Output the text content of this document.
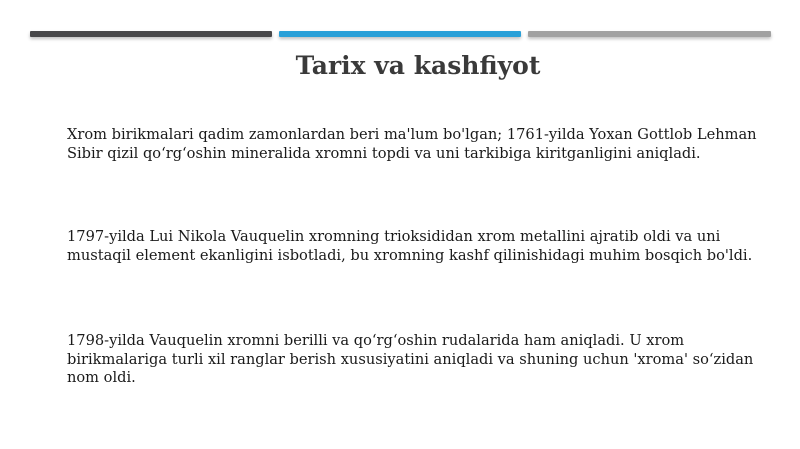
Tarix va kashfiyot

Xrom birikmalari qadim zamonlardan beri ma'lum bo'lgan; 1761-yilda Yoxan Gottlob Lehman Sibir qizil qo‘rg‘oshin mineralida xromni topdi va uni tarkibiga kiritganligini aniqladi.

1797-yilda Lui Nikola Vauquelin xromning trioksididan xrom metallini ajratib oldi va uni mustaqil element ekanligini isbotladi, bu xromning kashf qilinishidagi muhim bosqich bo'ldi.

1798-yilda Vauquelin xromni berilli va qo‘rg‘oshin rudalarida ham aniqladi. U xrom birikmalariga turli xil ranglar berish xususiyatini aniqladi va shuning uchun 'xroma' so‘zidan nom oldi.
